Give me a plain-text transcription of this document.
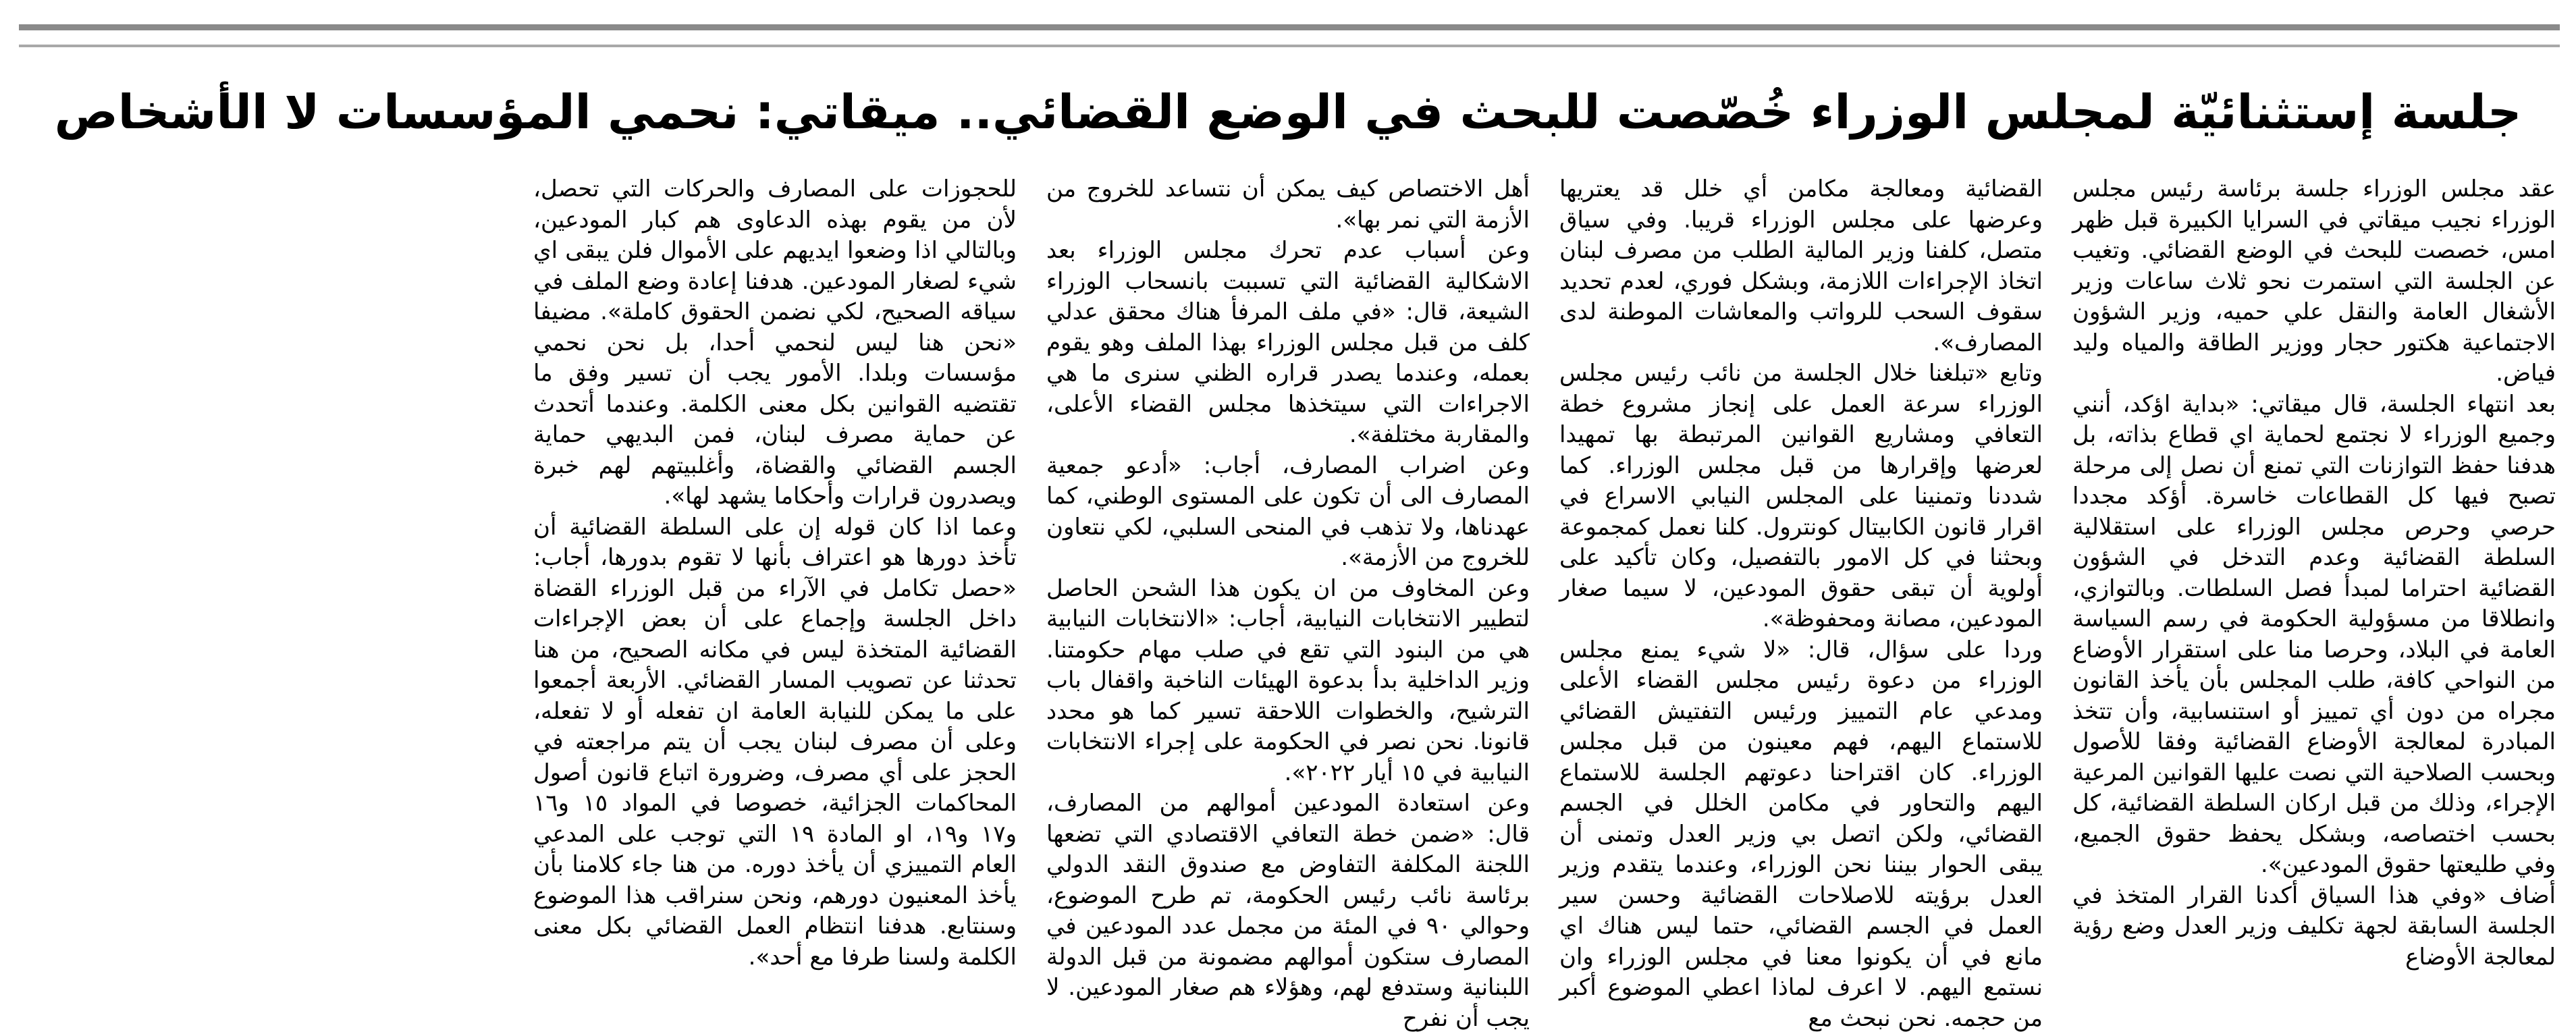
جلسة إستثنائيّة لمجلس الوزراء خُصّصت للبحث في الوضع القضائي.. ميقاتي: نحمي المؤسسات لا الأشخاص

عقد مجلس الوزراء جلسة برئاسة رئيس مجلس الوزراء نجيب ميقاتي في السرايا الكبيرة قبل ظهر امس، خصصت للبحث في الوضع القضائي. وتغيب عن الجلسة التي استمرت نحو ثلاث ساعات وزير الأشغال العامة والنقل علي حميه، وزير الشؤون الاجتماعية هكتور حجار ووزير الطاقة والمياه وليد فياض.

بعد انتهاء الجلسة، قال ميقاتي: «بداية اؤكد، أنني وجميع الوزراء لا نجتمع لحماية اي قطاع بذاته، بل هدفنا حفظ التوازنات التي تمنع أن نصل إلى مرحلة تصبح فيها كل القطاعات خاسرة. أؤكد مجددا حرصي وحرص مجلس الوزراء على استقلالية السلطة القضائية وعدم التدخل في الشؤون القضائية احتراما لمبدأ فصل السلطات. وبالتوازي، وانطلاقا من مسؤولية الحكومة في رسم السياسة العامة في البلاد، وحرصا منا على استقرار الأوضاع من النواحي كافة، طلب المجلس بأن يأخذ القانون مجراه من دون أي تمييز أو استنسابية، وأن تتخذ المبادرة لمعالجة الأوضاع القضائية وفقا للأصول وبحسب الصلاحية التي نصت عليها القوانين المرعية الإجراء، وذلك من قبل اركان السلطة القضائية، كل بحسب اختصاصه، وبشكل يحفظ حقوق الجميع، وفي طليعتها حقوق المودعين».

أضاف «وفي هذا السياق أكدنا القرار المتخذ في الجلسة السابقة لجهة تكليف وزير العدل وضع رؤية لمعالجة الأوضاع

القضائية ومعالجة مكامن أي خلل قد يعتريها وعرضها على مجلس الوزراء قريبا. وفي سياق متصل، كلفنا وزير المالية الطلب من مصرف لبنان اتخاذ الإجراءات اللازمة، وبشكل فوري، لعدم تحديد سقوف السحب للرواتب والمعاشات الموطنة لدى المصارف».

وتابع «تبلغنا خلال الجلسة من نائب رئيس مجلس الوزراء سرعة العمل على إنجاز مشروع خطة التعافي ومشاريع القوانين المرتبطة بها تمهيدا لعرضها وإقرارها من قبل مجلس الوزراء. كما شددنا وتمنينا على المجلس النيابي الاسراع في اقرار قانون الكابيتال كونترول. كلنا نعمل كمجموعة وبحثنا في كل الامور بالتفصيل، وكان تأكيد على أولوية أن تبقى حقوق المودعين، لا سيما صغار المودعين، مصانة ومحفوظة».

وردا على سؤال، قال: «لا شيء يمنع مجلس الوزراء من دعوة رئيس مجلس القضاء الأعلى ومدعي عام التمييز ورئيس التفتيش القضائي للاستماع اليهم، فهم معينون من قبل مجلس الوزراء. كان اقتراحنا دعوتهم الجلسة للاستماع اليهم والتحاور في مكامن الخلل في الجسم القضائي، ولكن اتصل بي وزير العدل وتمنى أن يبقى الحوار بيننا نحن الوزراء، وعندما يتقدم وزير العدل برؤيته للاصلاحات القضائية وحسن سير العمل في الجسم القضائي، حتما ليس هناك اي مانع في أن يكونوا معنا في مجلس الوزراء وان نستمع اليهم. لا اعرف لماذا اعطي الموضوع أكبر من حجمه. نحن نبحث مع

أهل الاختصاص كيف يمكن أن نتساعد للخروج من الأزمة التي نمر بها».

وعن أسباب عدم تحرك مجلس الوزراء بعد الاشكالية القضائية التي تسببت بانسحاب الوزراء الشيعة، قال: «في ملف المرفأ هناك محقق عدلي كلف من قبل مجلس الوزراء بهذا الملف وهو يقوم بعمله، وعندما يصدر قراره الظني سنرى ما هي الاجراءات التي سيتخذها مجلس القضاء الأعلى، والمقاربة مختلفة».

وعن اضراب المصارف، أجاب: «أدعو جمعية المصارف الى أن تكون على المستوى الوطني، كما عهدناها، ولا تذهب في المنحى السلبي، لكي نتعاون للخروج من الأزمة».

وعن المخاوف من ان يكون هذا الشحن الحاصل لتطيير الانتخابات النيابية، أجاب: «الانتخابات النيابية هي من البنود التي تقع في صلب مهام حكومتنا. وزير الداخلية بدأ بدعوة الهيئات الناخبة واقفال باب الترشيح، والخطوات اللاحقة تسير كما هو محدد قانونا. نحن نصر في الحكومة على إجراء الانتخابات النيابية في ١٥ أيار ٢٠٢٢».

وعن استعادة المودعين أموالهم من المصارف، قال: «ضمن خطة التعافي الاقتصادي التي تضعها اللجنة المكلفة التفاوض مع صندوق النقد الدولي برئاسة نائب رئيس الحكومة، تم طرح الموضوع، وحوالي ٩٠ في المئة من مجمل عدد المودعين في المصارف ستكون أموالهم مضمونة من قبل الدولة اللبنانية وستدفع لهم، وهؤلاء هم صغار المودعين. لا يجب أن نفرح

للحجوزات على المصارف والحركات التي تحصل، لأن من يقوم بهذه الدعاوى هم كبار المودعين، وبالتالي اذا وضعوا ايديهم على الأموال فلن يبقى اي شيء لصغار المودعين. هدفنا إعادة وضع الملف في سياقه الصحيح، لكي نضمن الحقوق كاملة». مضيفا «نحن هنا ليس لنحمي أحدا، بل نحن نحمي مؤسسات وبلدا. الأمور يجب أن تسير وفق ما تقتضيه القوانين بكل معنى الكلمة. وعندما أتحدث عن حماية مصرف لبنان، فمن البديهي حماية الجسم القضائي والقضاة، وأغلبيتهم لهم خبرة ويصدرون قرارات وأحكاما يشهد لها».

وعما اذا كان قوله إن على السلطة القضائية أن تأخذ دورها هو اعتراف بأنها لا تقوم بدورها، أجاب: «حصل تكامل في الآراء من قبل الوزراء القضاة داخل الجلسة وإجماع على أن بعض الإجراءات القضائية المتخذة ليس في مكانه الصحيح، من هنا تحدثنا عن تصويب المسار القضائي. الأربعة أجمعوا على ما يمكن للنيابة العامة ان تفعله أو لا تفعله، وعلى أن مصرف لبنان يجب أن يتم مراجعته في الحجز على أي مصرف، وضرورة اتباع قانون أصول المحاكمات الجزائية، خصوصا في المواد ١٥ و١٦ و١٧ و١٩، او المادة ١٩ التي توجب على المدعي العام التمييزي أن يأخذ دوره. من هنا جاء كلامنا بأن يأخذ المعنيون دورهم، ونحن سنراقب هذا الموضوع وسنتابع. هدفنا انتظام العمل القضائي بكل معنى الكلمة ولسنا طرفا مع أحد».
